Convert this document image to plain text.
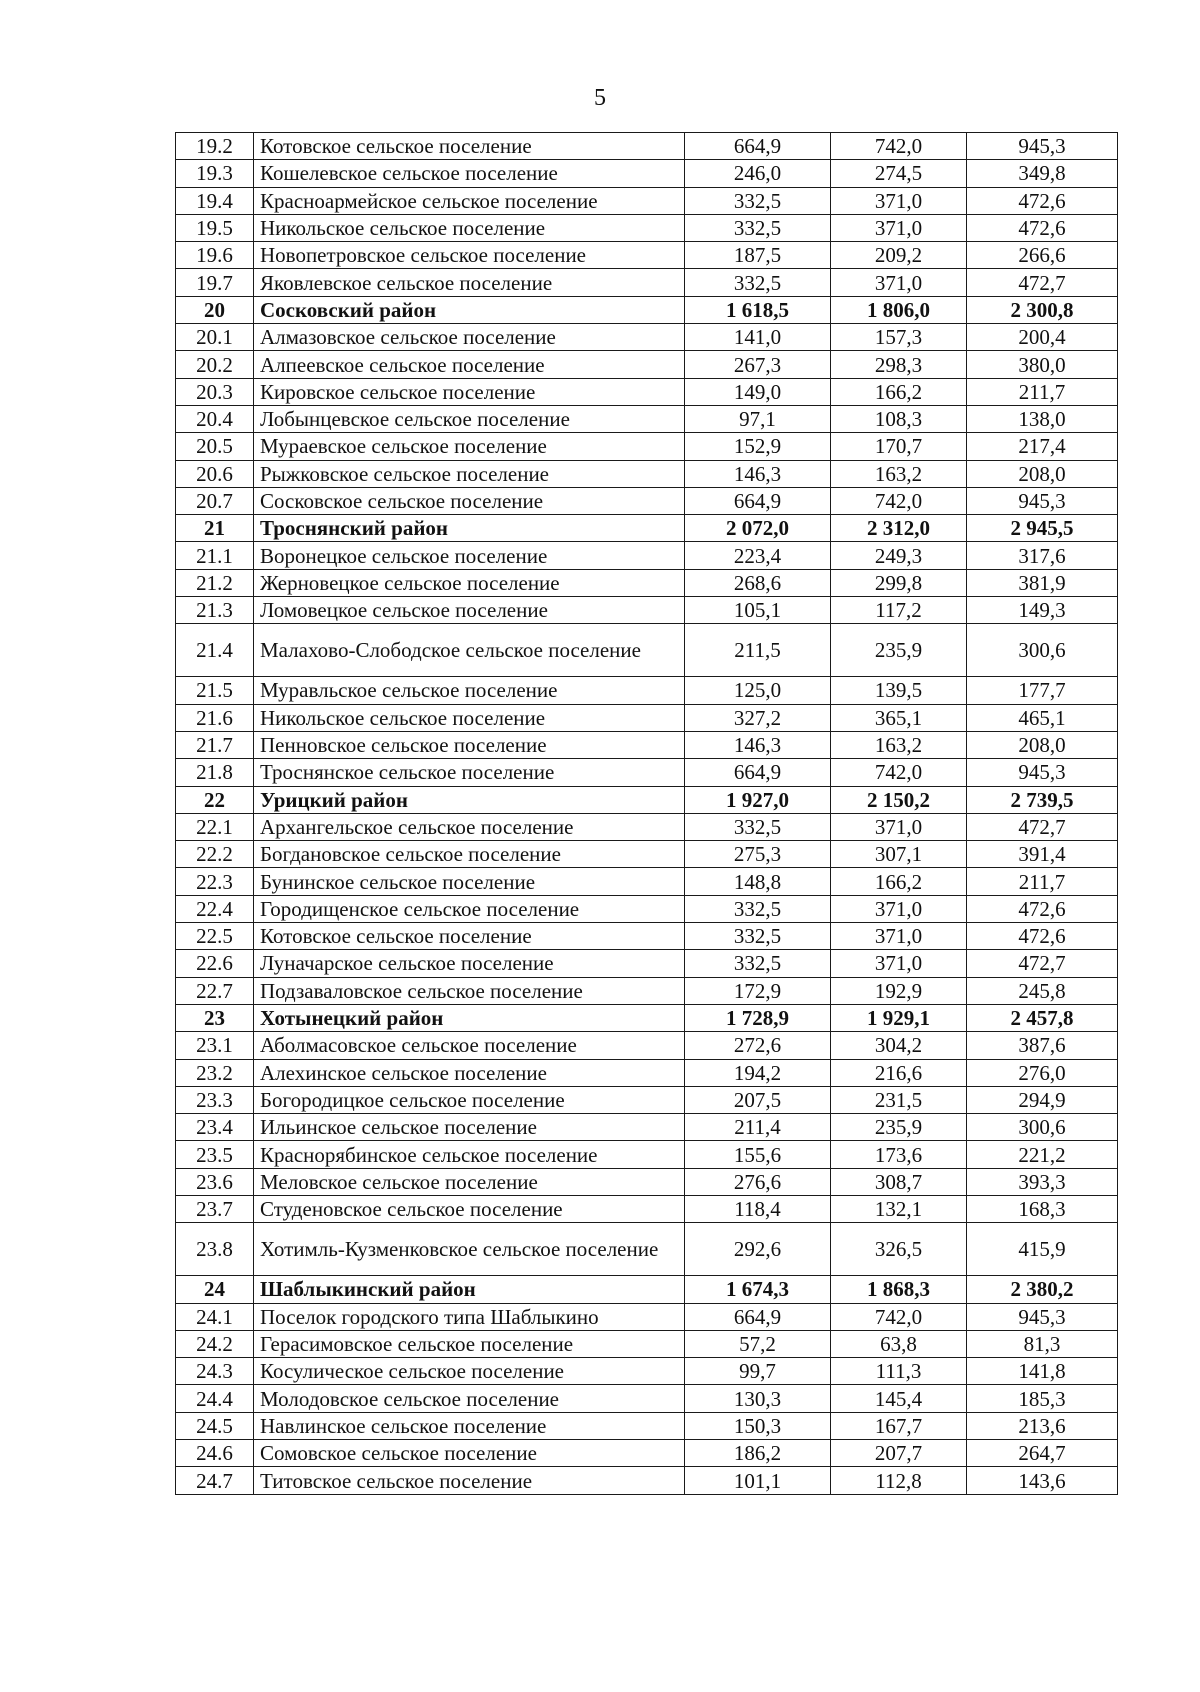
5
19.2	Котовское сельское поселение	664,9	742,0	945,3
19.3	Кошелевское сельское поселение	246,0	274,5	349,8
19.4	Красноармейское сельское поселение	332,5	371,0	472,6
19.5	Никольское сельское поселение	332,5	371,0	472,6
19.6	Новопетровское сельское поселение	187,5	209,2	266,6
19.7	Яковлевское сельское поселение	332,5	371,0	472,7
20	Сосковский район	1 618,5	1 806,0	2 300,8
20.1	Алмазовское сельское поселение	141,0	157,3	200,4
20.2	Алпеевское сельское поселение	267,3	298,3	380,0
20.3	Кировское сельское поселение	149,0	166,2	211,7
20.4	Лобынцевское сельское поселение	97,1	108,3	138,0
20.5	Мураевское сельское поселение	152,9	170,7	217,4
20.6	Рыжковское сельское поселение	146,3	163,2	208,0
20.7	Сосковское сельское поселение	664,9	742,0	945,3
21	Троснянский район	2 072,0	2 312,0	2 945,5
21.1	Воронецкое сельское поселение	223,4	249,3	317,6
21.2	Жерновецкое сельское поселение	268,6	299,8	381,9
21.3	Ломовецкое сельское поселение	105,1	117,2	149,3
21.4	Малахово-Слободское сельское поселение	211,5	235,9	300,6
21.5	Муравльское сельское поселение	125,0	139,5	177,7
21.6	Никольское сельское поселение	327,2	365,1	465,1
21.7	Пенновское сельское поселение	146,3	163,2	208,0
21.8	Троснянское сельское поселение	664,9	742,0	945,3
22	Урицкий район	1 927,0	2 150,2	2 739,5
22.1	Архангельское сельское поселение	332,5	371,0	472,7
22.2	Богдановское сельское поселение	275,3	307,1	391,4
22.3	Бунинское сельское поселение	148,8	166,2	211,7
22.4	Городищенское сельское поселение	332,5	371,0	472,6
22.5	Котовское сельское поселение	332,5	371,0	472,6
22.6	Луначарское сельское поселение	332,5	371,0	472,7
22.7	Подзаваловское сельское поселение	172,9	192,9	245,8
23	Хотынецкий район	1 728,9	1 929,1	2 457,8
23.1	Аболмасовское сельское поселение	272,6	304,2	387,6
23.2	Алехинское сельское поселение	194,2	216,6	276,0
23.3	Богородицкое сельское поселение	207,5	231,5	294,9
23.4	Ильинское сельское поселение	211,4	235,9	300,6
23.5	Краснорябинское сельское поселение	155,6	173,6	221,2
23.6	Меловское сельское поселение	276,6	308,7	393,3
23.7	Студеновское сельское поселение	118,4	132,1	168,3
23.8	Хотимль-Кузменковское сельское поселение	292,6	326,5	415,9
24	Шаблыкинский район	1 674,3	1 868,3	2 380,2
24.1	Поселок городского типа Шаблыкино	664,9	742,0	945,3
24.2	Герасимовское сельское поселение	57,2	63,8	81,3
24.3	Косулическое сельское поселение	99,7	111,3	141,8
24.4	Молодовское сельское поселение	130,3	145,4	185,3
24.5	Навлинское сельское поселение	150,3	167,7	213,6
24.6	Сомовское сельское поселение	186,2	207,7	264,7
24.7	Титовское сельское поселение	101,1	112,8	143,6
